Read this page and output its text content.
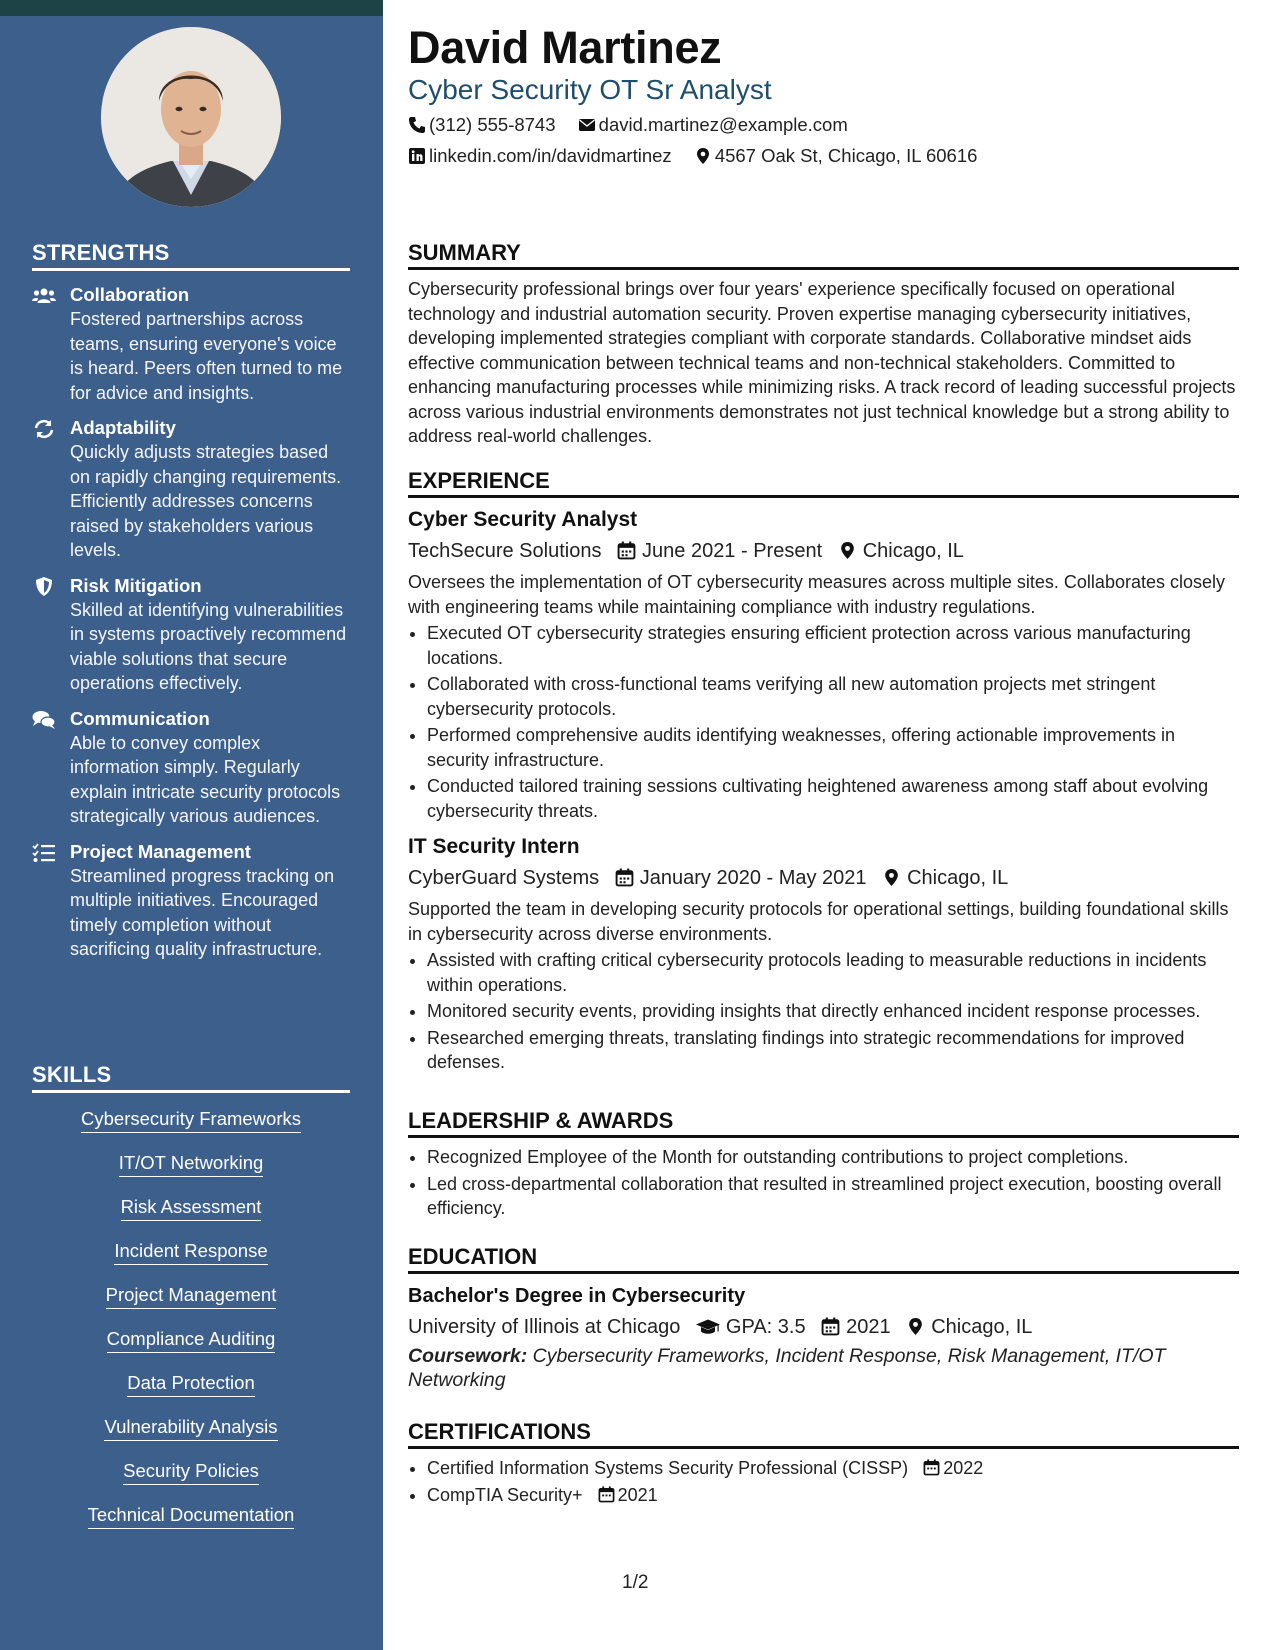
STRENGTHS
Collaboration
Fostered partnerships across teams, ensuring everyone's voice is heard. Peers often turned to me for advice and insights.
Adaptability
Quickly adjusts strategies based on rapidly changing requirements. Efficiently addresses concerns raised by stakeholders various levels.
Risk Mitigation
Skilled at identifying vulnerabilities in systems proactively recommend viable solutions that secure operations effectively.
Communication
Able to convey complex information simply. Regularly explain intricate security protocols strategically various audiences.
Project Management
Streamlined progress tracking on multiple initiatives. Encouraged timely completion without sacrificing quality infrastructure.
SKILLS
Cybersecurity Frameworks
IT/OT Networking
Risk Assessment
Incident Response
Project Management
Compliance Auditing
Data Protection
Vulnerability Analysis
Security Policies
Technical Documentation
David Martinez
Cyber Security OT Sr Analyst
(312) 555-8743 david.martinez@example.com
linkedin.com/in/davidmartinez 4567 Oak St, Chicago, IL 60616
SUMMARY

Cybersecurity professional brings over four years' experience specifically focused on operational technology and industrial automation security. Proven expertise managing cybersecurity initiatives, developing implemented strategies compliant with corporate standards. Collaborative mindset aids effective communication between technical teams and non-technical stakeholders. Committed to enhancing manufacturing processes while minimizing risks. A track record of leading successful projects across various industrial environments demonstrates not just technical knowledge but a strong ability to address real-world challenges.

EXPERIENCE
Cyber Security Analyst
TechSecure Solutions June 2021 - Present Chicago, IL

Oversees the implementation of OT cybersecurity measures across multiple sites. Collaborates closely with engineering teams while maintaining compliance with industry regulations.

• Executed OT cybersecurity strategies ensuring efficient protection across various manufacturing locations.
• Collaborated with cross-functional teams verifying all new automation projects met stringent cybersecurity protocols.
• Performed comprehensive audits identifying weaknesses, offering actionable improvements in security infrastructure.
• Conducted tailored training sessions cultivating heightened awareness among staff about evolving cybersecurity threats.
IT Security Intern
CyberGuard Systems January 2020 - May 2021 Chicago, IL

Supported the team in developing security protocols for operational settings, building foundational skills in cybersecurity across diverse environments.

• Assisted with crafting critical cybersecurity protocols leading to measurable reductions in incidents within operations.
• Monitored security events, providing insights that directly enhanced incident response processes.
• Researched emerging threats, translating findings into strategic recommendations for improved defenses.
LEADERSHIP & AWARDS
• Recognized Employee of the Month for outstanding contributions to project completions.
• Led cross-departmental collaboration that resulted in streamlined project execution, boosting overall efficiency.
EDUCATION
Bachelor's Degree in Cybersecurity
University of Illinois at Chicago GPA: 3.5 2021 Chicago, IL

Coursework: Cybersecurity Frameworks, Incident Response, Risk Management, IT/OT Networking

CERTIFICATIONS
• Certified Information Systems Security Professional (CISSP) 2022
• CompTIA Security+ 2021
1/2
